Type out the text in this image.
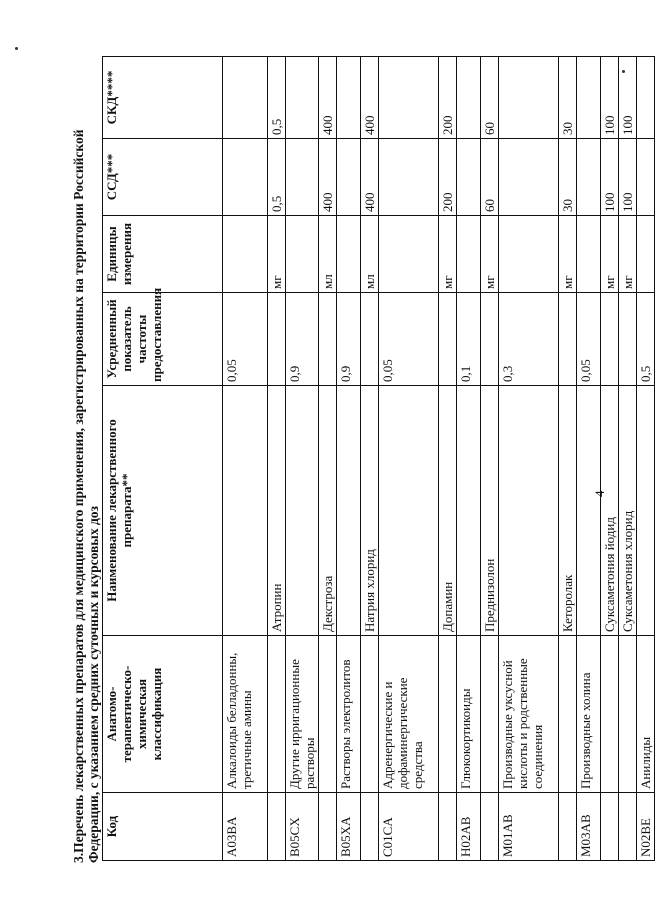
3.Перечень лекарственных препаратов для медицинского применения, зарегистрированных на территории Российской Федерации, с указанием средних суточных и курсовых доз Код	Анатомо-терапевтическо-химическая классификация	Наименование лекарственного препарата**	Усредненный показатель частоты предоставления	Единицы измерения	ССД***	СКД****
A03BA	Алкалоиды белладонны, третичные амины		0,05			
		Атропин		мг	0,5	0,5
B05CX	Другие ирригационные растворы		0,9			
		Декстроза		мл	400	400
B05XA	Растворы электролитов		0,9			
		Натрия хлорид		мл	400	400
C01CA	Адренергические и дофаминергические средства		0,05			
		Допамин		мг	200	200
H02AB	Глюкокортикоиды		0,1			
		Преднизолон		мг	60	60
M01AB	Производные уксусной кислоты и родственные соединения		0,3			
		Кеторолак		мг	30	30
M03AB	Производные холина		0,05			
		Суксаметония йодид		мг	100	100
		Суксаметония хлорид		мг	100	100
N02BE	Анилиды		0,5			
4
